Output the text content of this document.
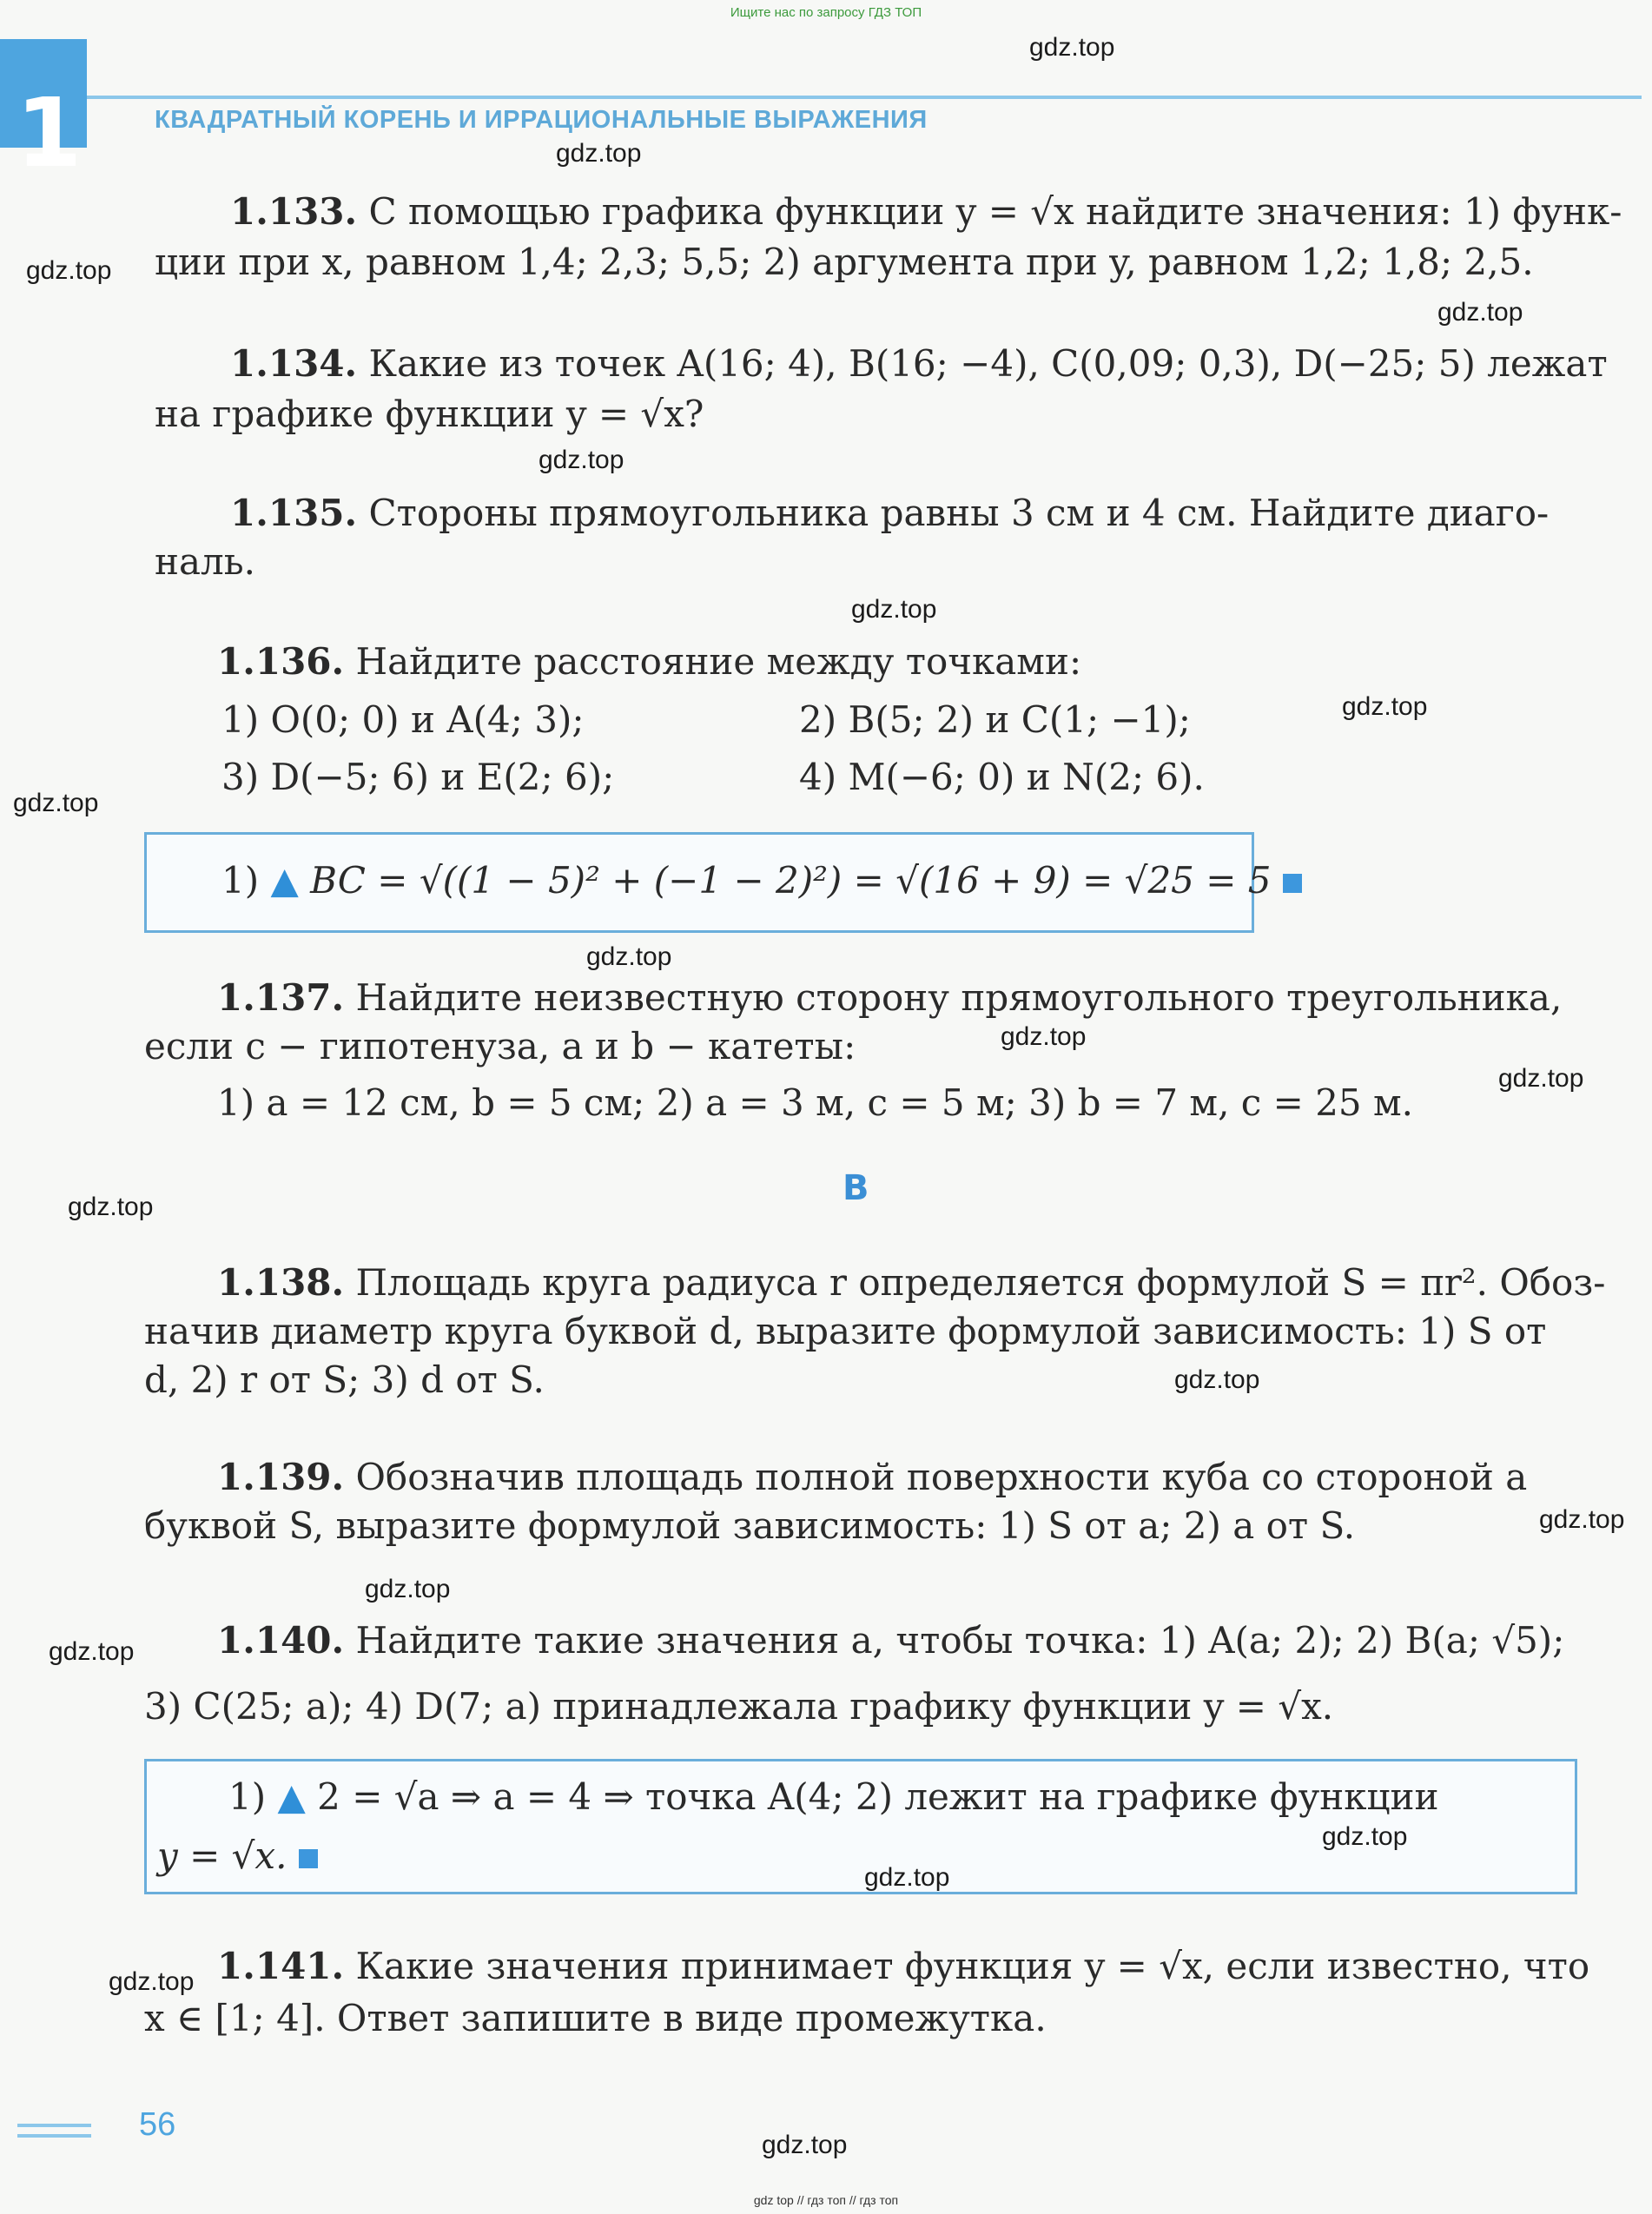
Ищите нас по запросу ГДЗ ТОП
1	КВАДРАТНЫЙ КОРЕНЬ И ИРРАЦИОНАЛЬНЫЕ ВЫРАЖЕНИЯ
1.133. С помощью графика функции y = √x найдите значения: 1) функ-
ции при x, равном 1,4; 2,3; 5,5; 2) аргумента при y, равном 1,2; 1,8; 2,5.
1.134. Какие из точек A(16; 4), B(16; −4), C(0,09; 0,3), D(−25; 5) лежат
на графике функции y = √x?
1.135. Стороны прямоугольника равны 3 см и 4 см. Найдите диаго-
наль.
1.136. Найдите расстояние между точками:
1) O(0; 0) и A(4; 3);	2) B(5; 2) и C(1; −1);
3) D(−5; 6) и E(2; 6);	4) M(−6; 0) и N(2; 6).
1) ▲ BC = √((1 − 5)² + (−1 − 2)²) = √(16 + 9) = √25 = 5
1.137. Найдите неизвестную сторону прямоугольного треугольника,
если c − гипотенуза, a и b − катеты:
1) a = 12 см, b = 5 см; 2) a = 3 м, c = 5 м; 3) b = 7 м, c = 25 м.
B
1.138. Площадь круга радиуса r определяется формулой S = πr². Обоз-
начив диаметр круга буквой d, выразите формулой зависимость: 1) S от
d, 2) r от S; 3) d от S.
1.139. Обозначив площадь полной поверхности куба со стороной a
буквой S, выразите формулой зависимость: 1) S от a; 2) a от S.
1.140. Найдите такие значения a, чтобы точка: 1) A(a; 2); 2) B(a; √5);
3) C(25; a); 4) D(7; a) принадлежала графику функции y = √x.
1) ▲ 2 = √a ⇒ a = 4 ⇒ точка A(4; 2) лежит на графике функции
y = √x.
1.141. Какие значения принимает функция y = √x, если известно, что
x ∈ [1; 4]. Ответ запишите в виде промежутка.
56
gdz.top
gdz.top
gdz.top
gdz.top
gdz.top
gdz.top
gdz.top
gdz.top
gdz.top
gdz.top
gdz.top
gdz.top
gdz.top
gdz.top
gdz.top
gdz.top
gdz.top
gdz.top
gdz.top
gdz.top
gdz top // гдз топ // гдз топ
